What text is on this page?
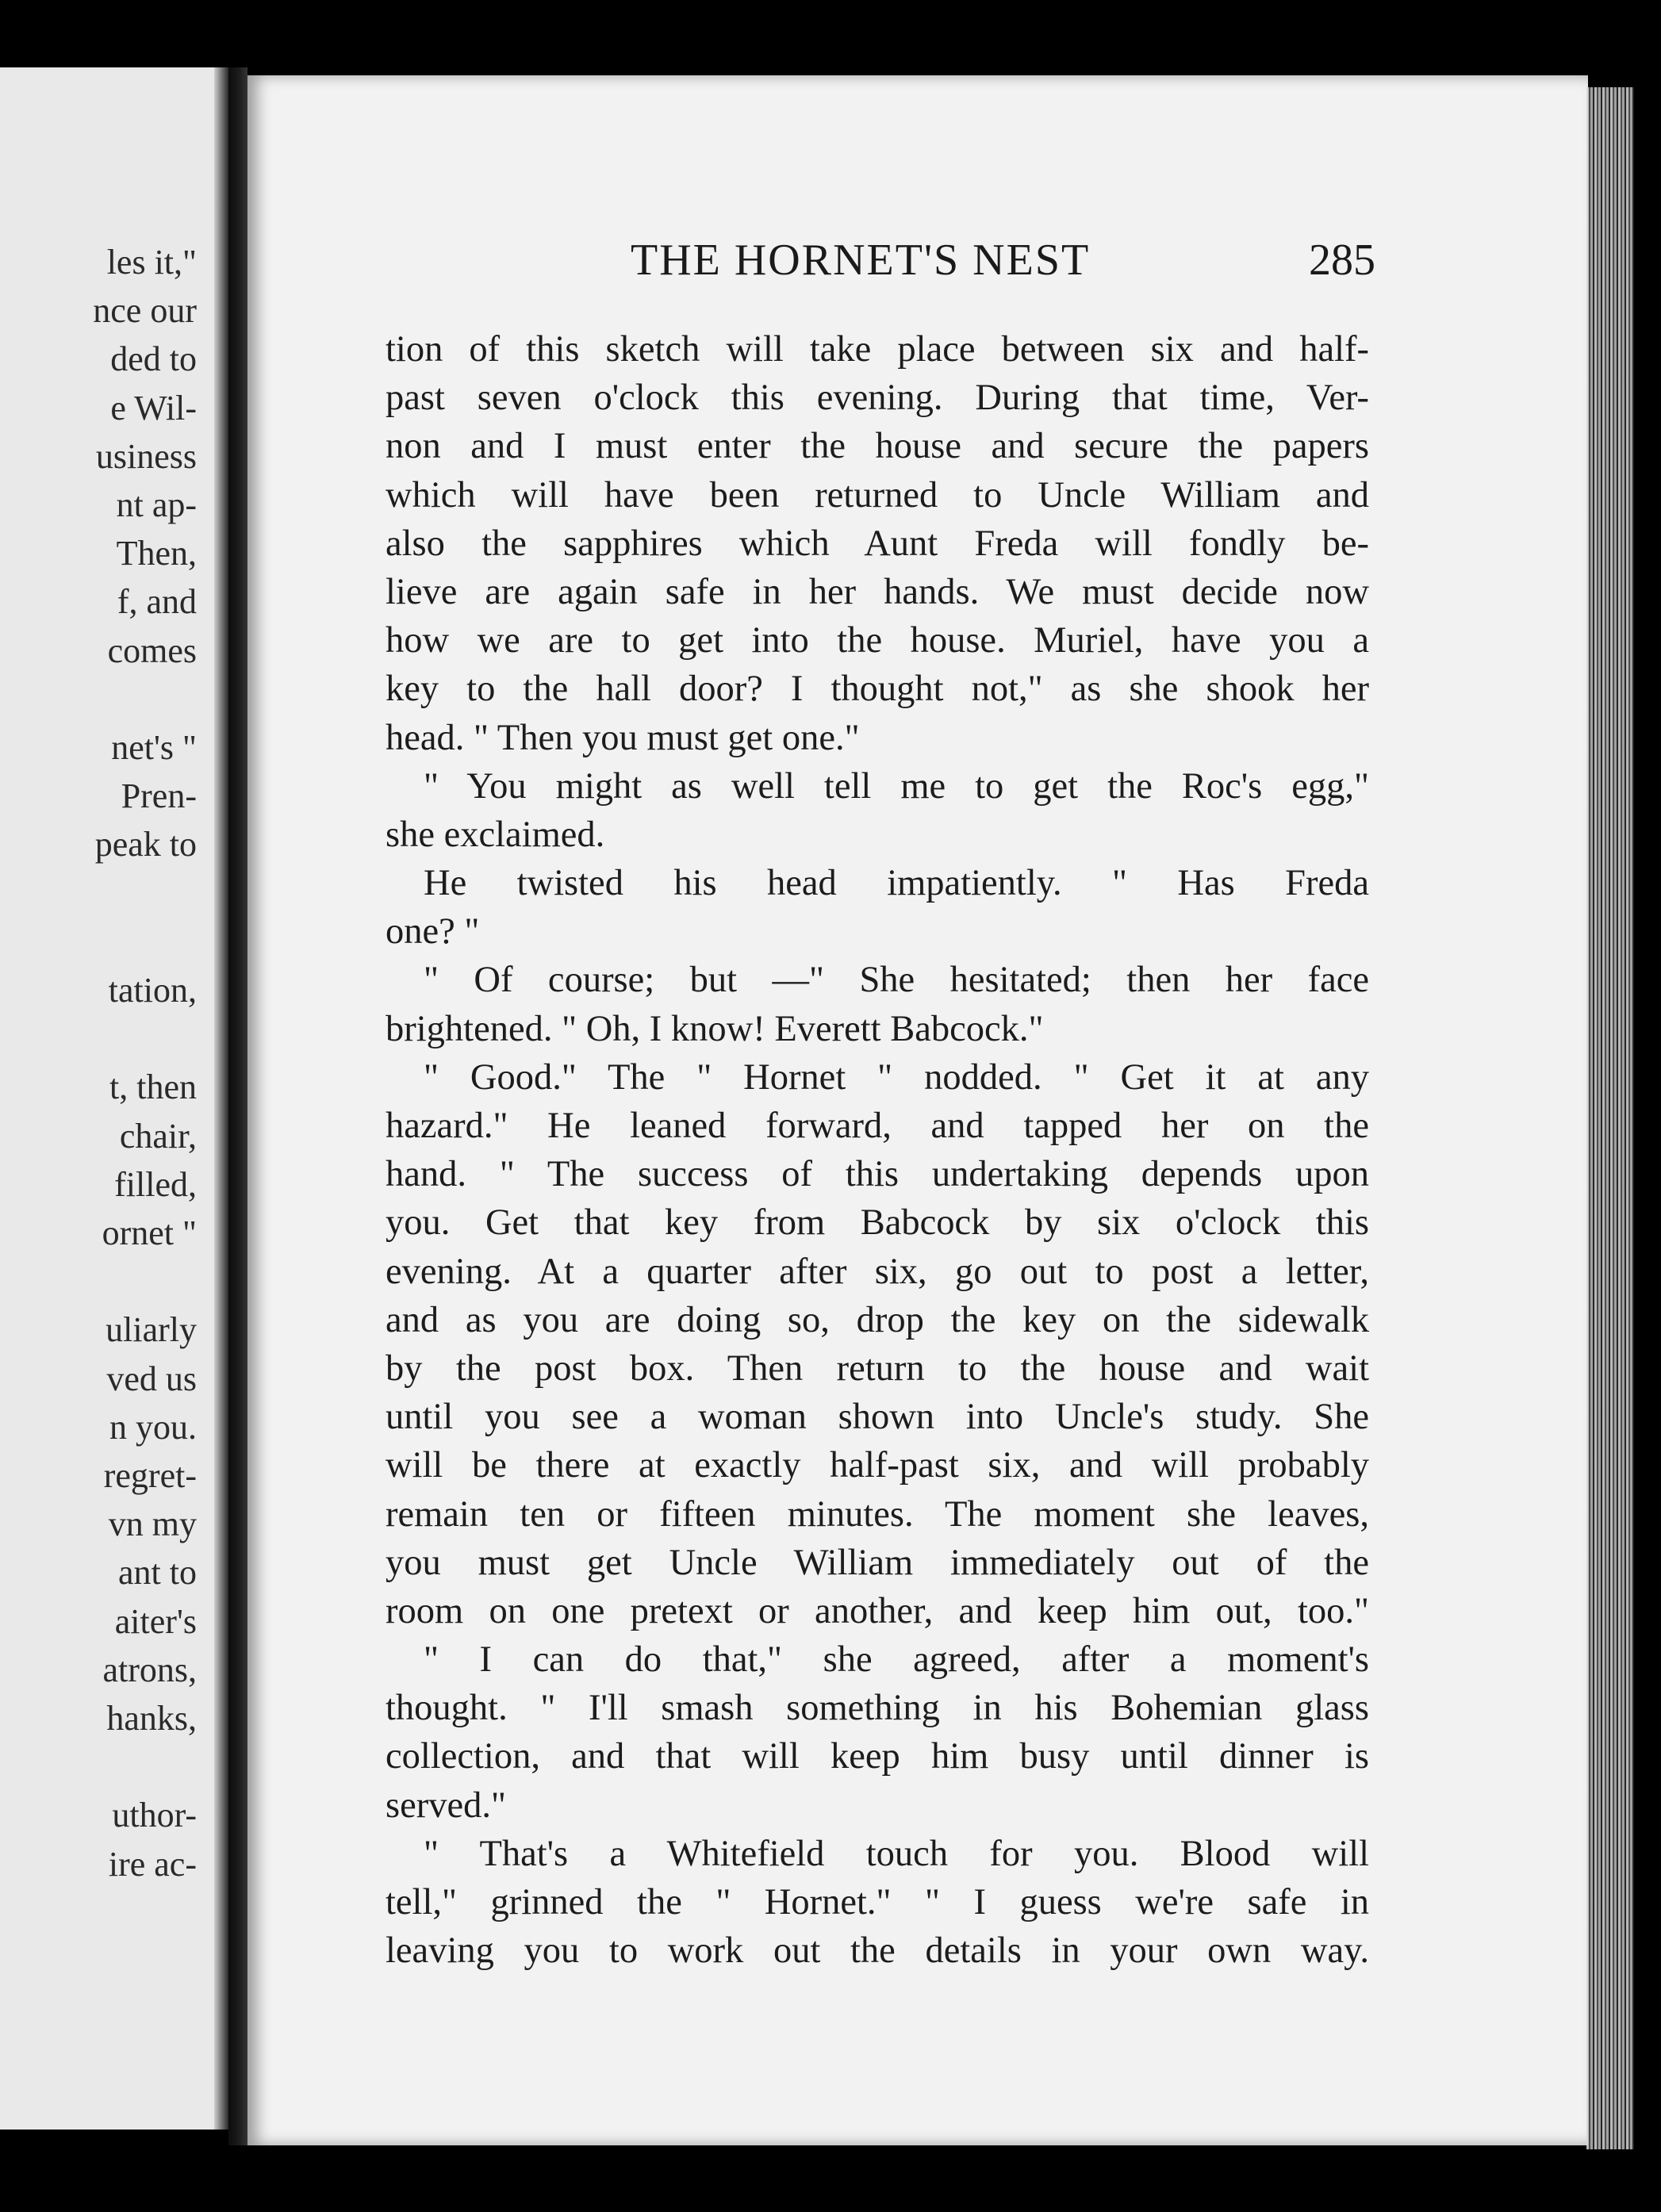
les it,"
nce our
ded to
e Wil-
usiness
nt ap-
Then,
f, and
comes
net's "
Pren-
peak to
tation,
t, then
chair,
filled,
ornet "
uliarly
ved us
n you.
regret-
vn my
ant to
aiter's
atrons,
hanks,
uthor-
ire ac-
THE HORNET'S NEST	285
tion of this sketch will take place between six and half-
past seven o'clock this evening. During that time, Ver-
non and I must enter the house and secure the papers
which will have been returned to Uncle William and
also the sapphires which Aunt Freda will fondly be-
lieve are again safe in her hands. We must decide now
how we are to get into the house. Muriel, have you a
key to the hall door? I thought not," as she shook her
head. " Then you must get one."
" You might as well tell me to get the Roc's egg,"
she exclaimed.
He twisted his head impatiently. " Has Freda
one? "
" Of course; but —" She hesitated; then her face
brightened. " Oh, I know! Everett Babcock."
" Good." The " Hornet " nodded. " Get it at any
hazard." He leaned forward, and tapped her on the
hand. " The success of this undertaking depends upon
you. Get that key from Babcock by six o'clock this
evening. At a quarter after six, go out to post a letter,
and as you are doing so, drop the key on the sidewalk
by the post box. Then return to the house and wait
until you see a woman shown into Uncle's study. She
will be there at exactly half-past six, and will probably
remain ten or fifteen minutes. The moment she leaves,
you must get Uncle William immediately out of the
room on one pretext or another, and keep him out, too."
" I can do that," she agreed, after a moment's
thought. " I'll smash something in his Bohemian glass
collection, and that will keep him busy until dinner is
served."
" That's a Whitefield touch for you. Blood will
tell," grinned the " Hornet." " I guess we're safe in
leaving you to work out the details in your own way.
